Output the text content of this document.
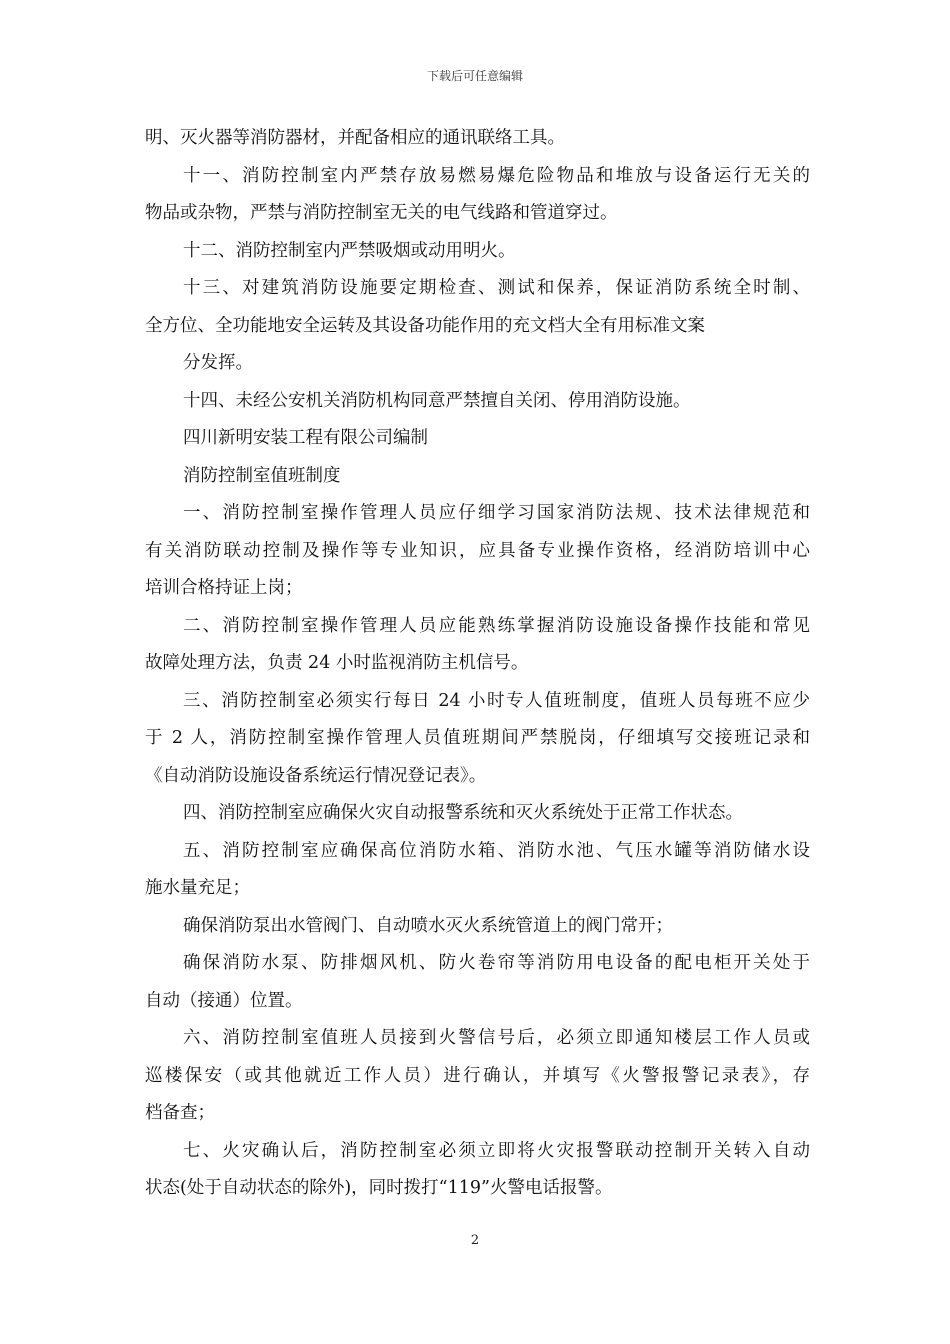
下载后可任意编辑
明、灭火器等消防器材，并配备相应的通讯联络工具。
十一、消防控制室内严禁存放易燃易爆危险物品和堆放与设备运行无关的
物品或杂物，严禁与消防控制室无关的电气线路和管道穿过。
十二、消防控制室内严禁吸烟或动用明火。
十三、对建筑消防设施要定期检查、测试和保养，保证消防系统全时制、
全方位、全功能地安全运转及其设备功能作用的充文档大全有用标准文案
分发挥。
十四、未经公安机关消防机构同意严禁擅自关闭、停用消防设施。
四川新明安装工程有限公司编制
消防控制室值班制度
一、消防控制室操作管理人员应仔细学习国家消防法规、技术法律规范和
有关消防联动控制及操作等专业知识，应具备专业操作资格，经消防培训中心
培训合格持证上岗；
二、消防控制室操作管理人员应能熟练掌握消防设施设备操作技能和常见
故障处理方法，负责 24 小时监视消防主机信号。
三、消防控制室必须实行每日 24 小时专人值班制度，值班人员每班不应少
于 2 人，消防控制室操作管理人员值班期间严禁脱岗，仔细填写交接班记录和
《自动消防设施设备系统运行情况登记表》。
四、消防控制室应确保火灾自动报警系统和灭火系统处于正常工作状态。
五、消防控制室应确保高位消防水箱、消防水池、气压水罐等消防储水设
施水量充足；
确保消防泵出水管阀门、自动喷水灭火系统管道上的阀门常开；
确保消防水泵、防排烟风机、防火卷帘等消防用电设备的配电柜开关处于
自动（接通）位置。
六、消防控制室值班人员接到火警信号后，必须立即通知楼层工作人员或
巡楼保安（或其他就近工作人员）进行确认，并填写《火警报警记录表》，存
档备查；
七、火灾确认后，消防控制室必须立即将火灾报警联动控制开关转入自动
状态(处于自动状态的除外)，同时拨打“119”火警电话报警。
2
